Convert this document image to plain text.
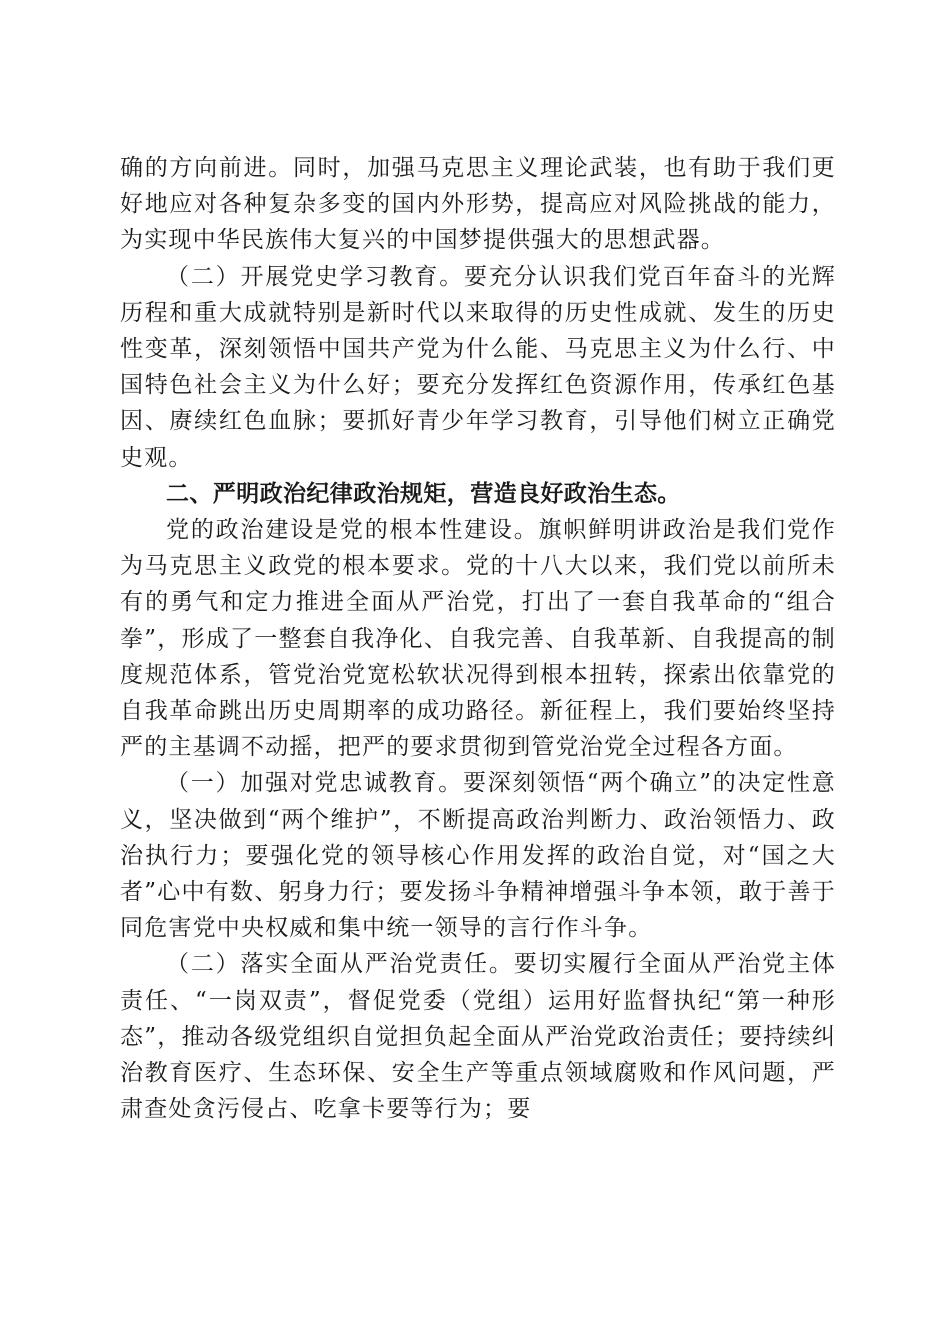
确的方向前进。同时，加强马克思主义理论武装，也有助于我们更好地应对各种复杂多变的国内外形势，提高应对风险挑战的能力，为实现中华民族伟大复兴的中国梦提供强大的思想武器。

（二）开展党史学习教育。要充分认识我们党百年奋斗的光辉历程和重大成就特别是新时代以来取得的历史性成就、发生的历史性变革，深刻领悟中国共产党为什么能、马克思主义为什么行、中国特色社会主义为什么好；要充分发挥红色资源作用，传承红色基因、赓续红色血脉；要抓好青少年学习教育，引导他们树立正确党史观。

二、严明政治纪律政治规矩，营造良好政治生态。

党的政治建设是党的根本性建设。旗帜鲜明讲政治是我们党作为马克思主义政党的根本要求。党的十八大以来，我们党以前所未有的勇气和定力推进全面从严治党，打出了一套自我革命的“组合拳”，形成了一整套自我净化、自我完善、自我革新、自我提高的制度规范体系，管党治党宽松软状况得到根本扭转，探索出依靠党的自我革命跳出历史周期率的成功路径。新征程上，我们要始终坚持严的主基调不动摇，把严的要求贯彻到管党治党全过程各方面。

（一）加强对党忠诚教育。要深刻领悟“两个确立”的决定性意义，坚决做到“两个维护”，不断提高政治判断力、政治领悟力、政治执行力；要强化党的领导核心作用发挥的政治自觉，对“国之大者”心中有数、躬身力行；要发扬斗争精神增强斗争本领，敢于善于同危害党中央权威和集中统一领导的言行作斗争。

（二）落实全面从严治党责任。要切实履行全面从严治党主体责任、“一岗双责”，督促党委（党组）运用好监督执纪“第一种形态”，推动各级党组织自觉担负起全面从严治党政治责任；要持续纠治教育医疗、生态环保、安全生产等重点领域腐败和作风问题，严肃查处贪污侵占、吃拿卡要等行为；要
